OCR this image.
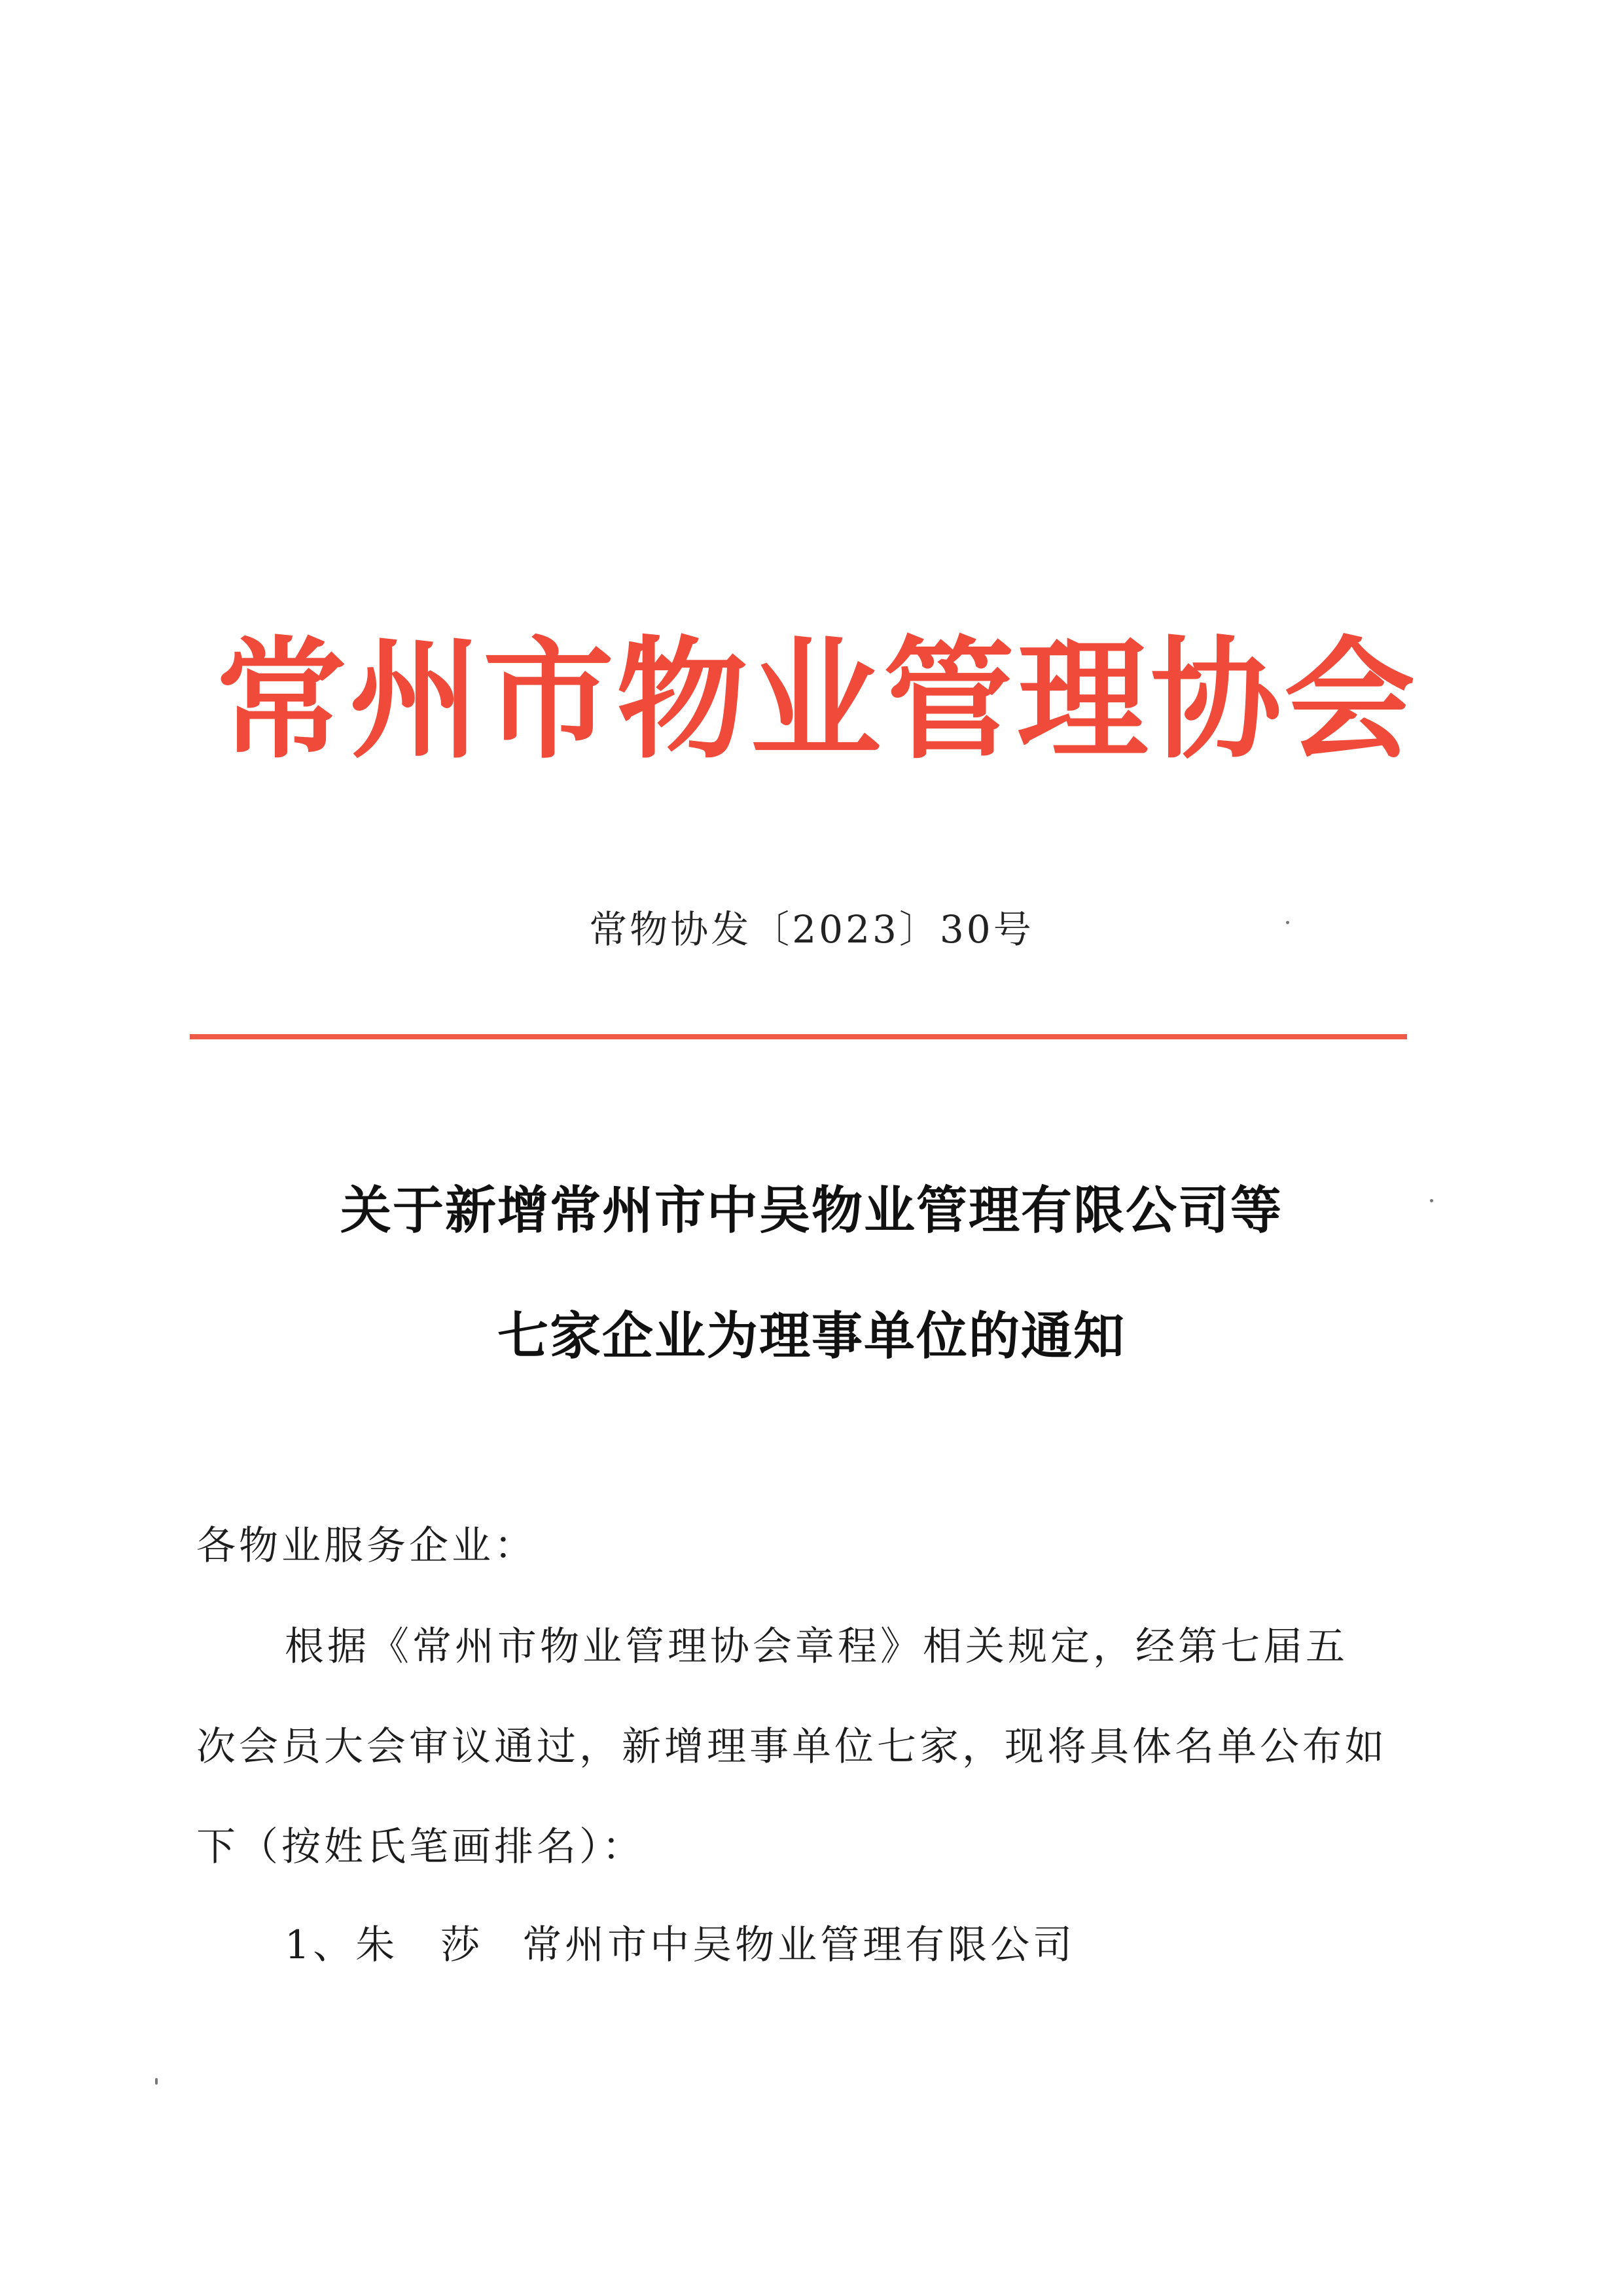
常州市物业管理协会
常物协发〔2023〕30号
关于新增常州市中吴物业管理有限公司等
七家企业为理事单位的通知
各物业服务企业：
根据《常州市物业管理协会章程》相关规定，经第七届五
次会员大会审议通过，新增理事单位七家，现将具体名单公布如
下（按姓氏笔画排名）：
1、朱　莎 常州市中吴物业管理有限公司
